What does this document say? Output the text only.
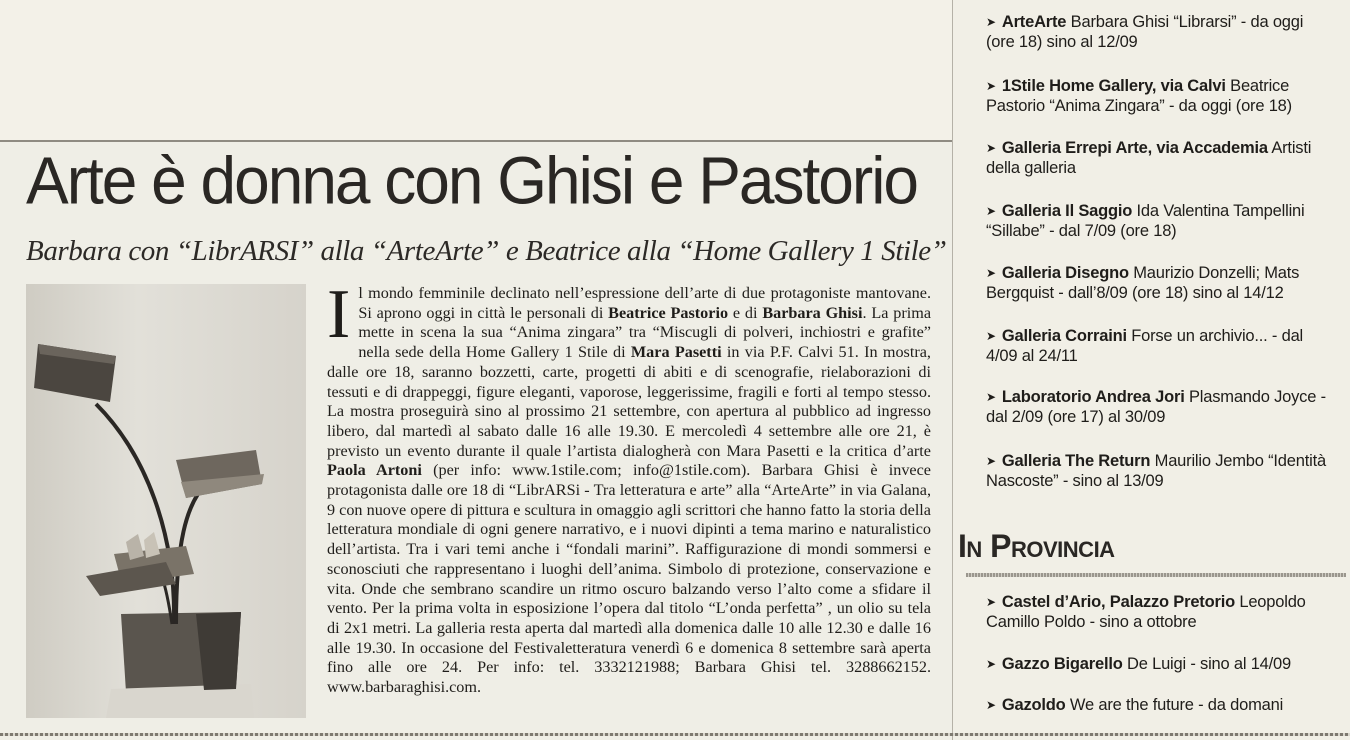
Arte è donna con Ghisi e Pastorio
Barbara con “LibrARSI” alla “ArteArte” e Beatrice alla “Home Gallery 1 Stile”
I l mondo femminile declinato nell’espressione dell’arte di due protagoniste mantovane. Si aprono oggi in città le personali di Beatrice Pastorio e di Barbara Ghisi. La prima mette in scena la sua “Anima zingara” tra “Miscugli di polveri, inchiostri e grafite” nella sede della Home Gallery 1 Stile di Mara Pasetti in via P.F. Calvi 51. In mostra, dalle ore 18, saranno bozzetti, carte, progetti di abiti e di scenografie, rielaborazioni di tessuti e di drappeggi, figure eleganti, vaporose, leggerissime, fragili e forti al tempo stesso. La mostra proseguirà sino al prossimo 21 settembre, con apertura al pubblico ad ingresso libero, dal martedì al sabato dalle 16 alle 19.30. E mercoledì 4 settembre alle ore 21, è previsto un evento durante il quale l’artista dialogherà con Mara Pasetti e la critica d’arte Paola Artoni (per info: www.1stile.com; info@1stile.com). Barbara Ghisi è invece protagonista dalle ore 18 di “LibrARSi - Tra letteratura e arte” alla “ArteArte” in via Galana, 9 con nuove opere di pittura e scultura in omaggio agli scrittori che hanno fatto la storia della letteratura mondiale di ogni genere narrativo, e i nuovi dipinti a tema marino e naturalistico dell’artista. Tra i vari temi anche i “fondali marini”. Raffigurazione di mondi sommersi e sconosciuti che rappresentano i luoghi dell’anima. Simbolo di protezione, conservazione e vita. Onde che sembrano scandire un ritmo oscuro balzando verso l’alto come a sfidare il vento. Per la prima volta in esposizione l’opera dal titolo “L’onda perfetta” , un olio su tela di 2x1 metri. La galleria resta aperta dal martedì alla domenica dalle 10 alle 12.30 e dalle 16 alle 19.30. In occasione del Festivaletteratura venerdì 6 e domenica 8 settembre sarà aperta fino alle ore 24. Per info: tel. 3332121988; Barbara Ghisi tel. 3288662152. www.barbaraghisi.com.
➤ ArteArte Barbara Ghisi “Librarsi” - da oggi (ore 18) sino al 12/09
➤ 1Stile Home Gallery, via Calvi Beatrice Pastorio “Anima Zingara” - da oggi (ore 18)
➤ Galleria Errepi Arte, via Accademia Artisti della galleria
➤ Galleria Il Saggio Ida Valentina Tampellini “Sillabe” - dal 7/09 (ore 18)
➤ Galleria Disegno Maurizio Donzelli; Mats Bergquist - dall’8/09 (ore 18) sino al 14/12
➤ Galleria Corraini Forse un archivio... - dal 4/09 al 24/11
➤ Laboratorio Andrea Jori Plasmando Joyce - dal 2/09 (ore 17) al 30/09
➤ Galleria The Return Maurilio Jembo “Identità Nascoste” - sino al 13/09
In Provincia
➤ Castel d’Ario, Palazzo Pretorio Leopoldo Camillo Poldo - sino a ottobre
➤ Gazzo Bigarello De Luigi - sino al 14/09
➤ Gazoldo We are the future - da domani
